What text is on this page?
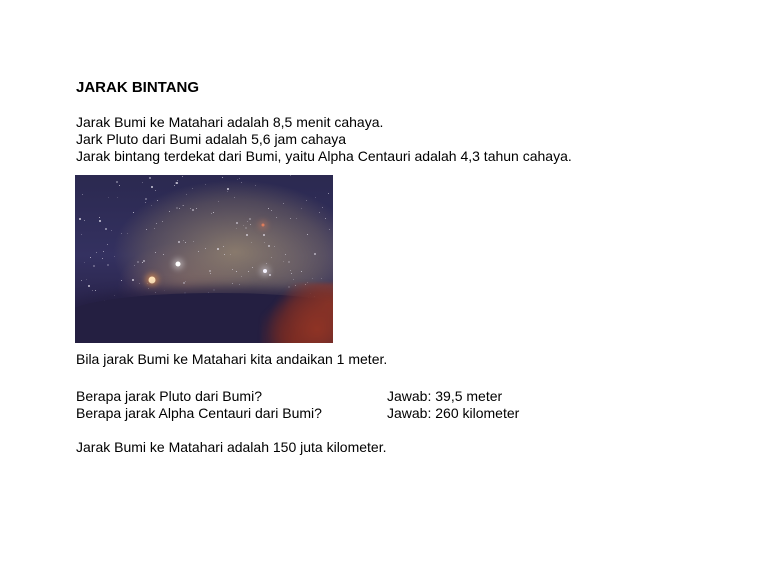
JARAK BINTANG
Jarak Bumi ke Matahari adalah 8,5 menit cahaya.
Jark Pluto dari Bumi adalah 5,6 jam cahaya
Jarak bintang terdekat dari Bumi, yaitu Alpha Centauri adalah 4,3 tahun cahaya.
Bila jarak Bumi ke Matahari kita andaikan 1 meter.
Berapa jarak Pluto dari Bumi?	Jawab: 39,5 meter
Berapa jarak Alpha Centauri dari Bumi?	Jawab: 260 kilometer
Jarak Bumi ke Matahari adalah 150 juta kilometer.
